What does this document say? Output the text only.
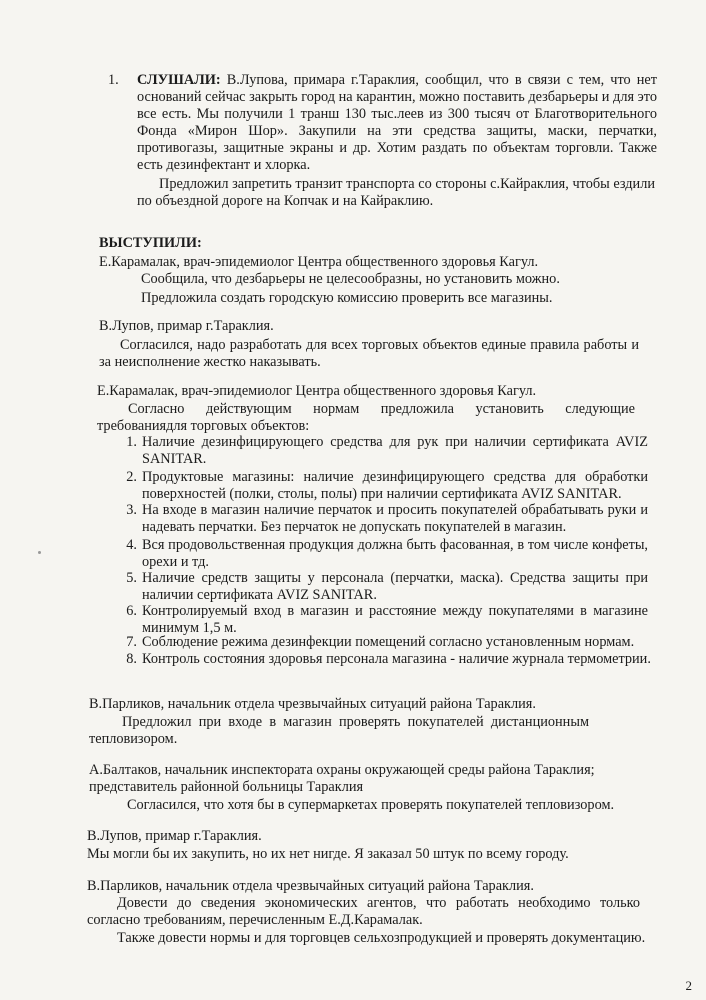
1. СЛУШАЛИ: В.Лупова, примара г.Тараклия, сообщил, что в связи с тем, что нет оснований сейчас закрыть город на карантин, можно поставить дезбарьеры и для это все есть. Мы получили 1 транш 130 тыс.леев из 300 тысяч от Благотворительного Фонда «Мирон Шор». Закупили на эти средства защиты, маски, перчатки, противогазы, защитные экраны и др. Хотим раздать по объектам торговли. Также есть дезинфектант и хлорка.

Предложил запретить транзит транспорта со стороны с.Кайраклия, чтобы ездили по объездной дороге на Копчак и на Кайраклию.

ВЫСТУПИЛИ:

Е.Карамалак, врач-эпидемиолог Центра общественного здоровья Кагул.

Сообщила, что дезбарьеры не целесообразны, но установить можно.

Предложила создать городскую комиссию проверить все магазины.

В.Лупов, примар г.Тараклия.

Согласился, надо разработать для всех торговых объектов единые правила работы и за неисполнение жестко наказывать.

Е.Карамалак, врач-эпидемиолог Центра общественного здоровья Кагул.

Согласно действующим нормам предложила установить следующие требованиядля торговых объектов:

1. Наличие дезинфицирующего средства для рук при наличии сертификата AVIZ SANITAR.

2. Продуктовые магазины: наличие дезинфицирующего средства для обработки поверхностей (полки, столы, полы) при наличии сертификата AVIZ SANITAR.

3. На входе в магазин наличие перчаток и просить покупателей обрабатывать руки и надевать перчатки. Без перчаток не допускать покупателей в магазин.

4. Вся продовольственная продукция должна быть фасованная, в том числе конфеты, орехи и тд.

5. Наличие средств защиты у персонала (перчатки, маска). Средства защиты при наличии сертификата AVIZ SANITAR.

6. Контролируемый вход в магазин и расстояние между покупателями в магазине минимум 1,5 м.

7. Соблюдение режима дезинфекции помещений согласно установленным нормам.

8. Контроль состояния здоровья персонала магазина - наличие журнала термометрии.

В.Парликов, начальник отдела чрезвычайных ситуаций района Тараклия.

Предложил при входе в магазин проверять покупателей дистанционным тепловизором.

А.Балтаков, начальник инспектората охраны окружающей среды района Тараклия;

представитель районной больницы Тараклия

Согласился, что хотя бы в супермаркетах проверять покупателей тепловизором.

В.Лупов, примар г.Тараклия.

Мы могли бы их закупить, но их нет нигде. Я заказал 50 штук по всему городу.

В.Парликов, начальник отдела чрезвычайных ситуаций района Тараклия.

Довести до сведения экономических агентов, что работать необходимо только согласно требованиям, перечисленным Е.Д.Карамалак.

Также довести нормы и для торговцев сельхозпродукцией и проверять документацию.

2
